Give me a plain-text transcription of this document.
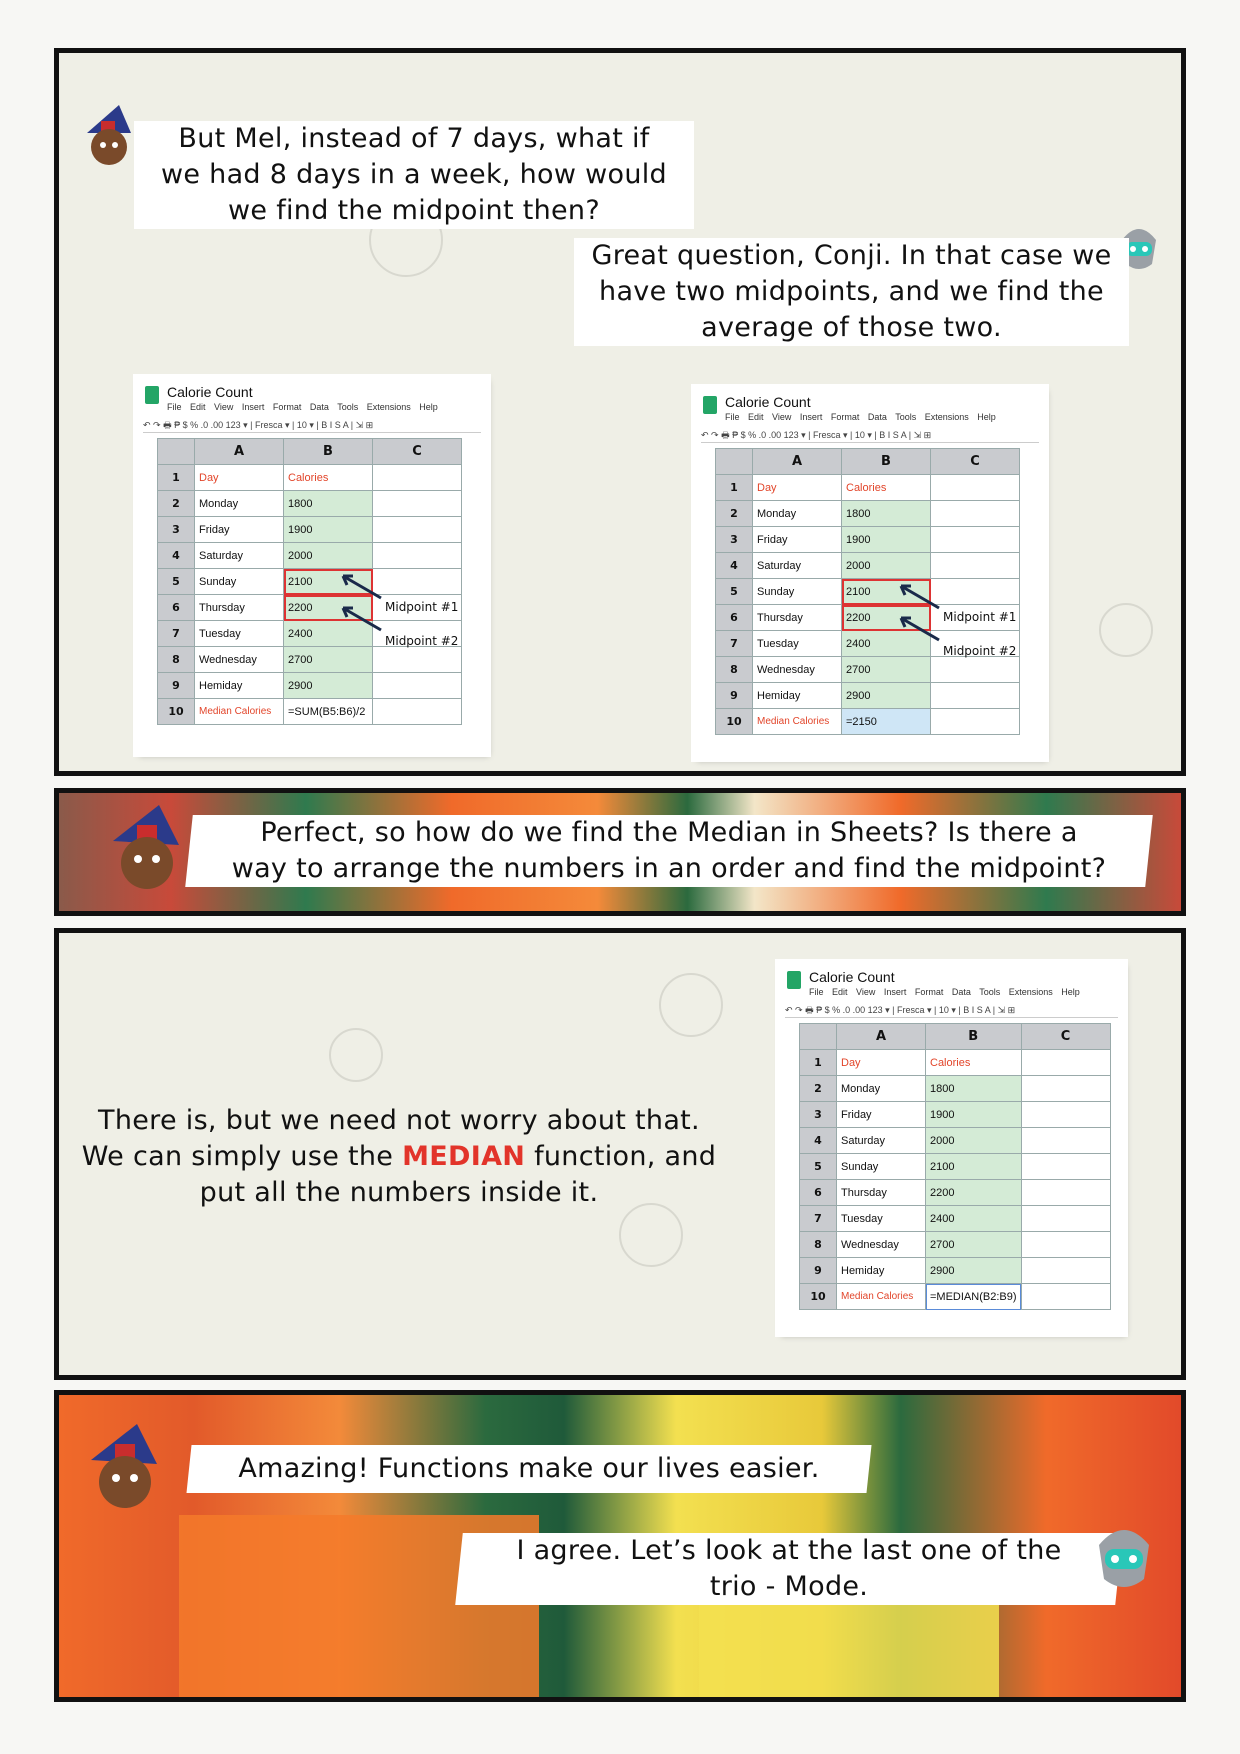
But Mel, instead of 7 days, what if
we had 8 days in a week, how would
we find the midpoint then?
Great question, Conji. In that case we
have two midpoints, and we find the
average of those two.
Calorie Count
File Edit View Insert Format Data Tools Extensions Help
↶ ↷ 🖶 ₱ $ % .0 .00 123 ▾ | Fresca ▾ | 10 ▾ | B I S A | ⇲ ⊞
	A	B	C
1	Day	Calories	
2	Monday	1800	
3	Friday	1900	
4	Saturday	2000	
5	Sunday	2100	
6	Thursday	2200	
7	Tuesday	2400	
8	Wednesday	2700	
9	Hemiday	2900	
10	Median Calories	=SUM(B5:B6)/2	
Midpoint #1
Midpoint #2
Calorie Count
File Edit View Insert Format Data Tools Extensions Help
↶ ↷ 🖶 ₱ $ % .0 .00 123 ▾ | Fresca ▾ | 10 ▾ | B I S A | ⇲ ⊞
	A	B	C
1	Day	Calories	
2	Monday	1800	
3	Friday	1900	
4	Saturday	2000	
5	Sunday	2100	
6	Thursday	2200	
7	Tuesday	2400	
8	Wednesday	2700	
9	Hemiday	2900	
10	Median Calories	=2150	
Midpoint #1
Midpoint #2
Perfect, so how do we find the Median in Sheets? Is there a
way to arrange the numbers in an order and find the midpoint?
There is, but we need not worry about that.
We can simply use the MEDIAN function, and
put all the numbers inside it.
Calorie Count
File Edit View Insert Format Data Tools Extensions Help
↶ ↷ 🖶 ₱ $ % .0 .00 123 ▾ | Fresca ▾ | 10 ▾ | B I S A | ⇲ ⊞
	A	B	C
1	Day	Calories	
2	Monday	1800	
3	Friday	1900	
4	Saturday	2000	
5	Sunday	2100	
6	Thursday	2200	
7	Tuesday	2400	
8	Wednesday	2700	
9	Hemiday	2900	
10	Median Calories	=MEDIAN(B2:B9)	
Amazing! Functions make our lives easier.
I agree. Let’s look at the last one of the
trio - Mode.
